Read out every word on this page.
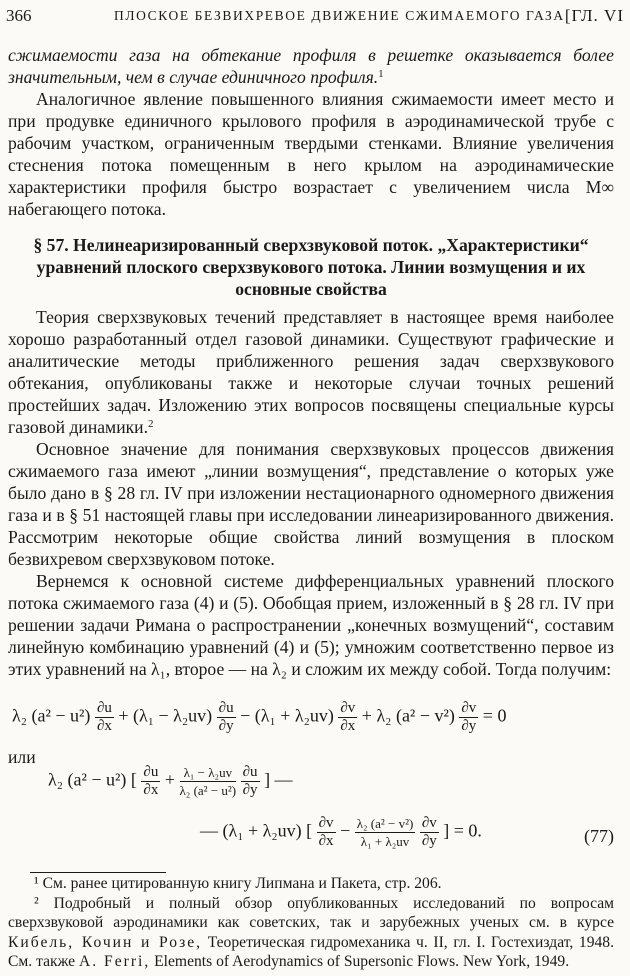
366	ПЛОСКОЕ БЕЗВИХРЕВОЕ ДВИЖЕНИЕ СЖИМАЕМОГО ГАЗА [ГЛ. VI

сжимаемости газа на обтекание профиля в решетке оказывается более значительным, чем в случае единичного профиля.$^1$

Аналогичное явление повышенного влияния сжимаемости имеет место и при продувке единичного крылового профиля в аэродинамической трубе с рабочим участком, ограниченным твердыми стенками. Влияние увеличения стеснения потока помещенным в него крылом на аэродинамические характеристики профиля быстро возрастает с увеличением числа M∞ набегающего потока.

§ 57. Нелинеаризированный сверхзвуковой поток. „Характеристики“ уравнений плоского сверхзвукового потока. Линии возмущения и их основные свойства

Теория сверхзвуковых течений представляет в настоящее время наиболее хорошо разработанный отдел газовой динамики. Существуют графические и аналитические методы приближенного решения задач сверхзвукового обтекания, опубликованы также и некоторые случаи точных решений простейших задач. Изложению этих вопросов посвящены специальные курсы газовой динамики.$^2$

Основное значение для понимания сверхзвуковых процессов движения сжимаемого газа имеют „линии возмущения“, представление о которых уже было дано в § 28 гл. IV при изложении нестационарного одномерного движения газа и в § 51 настоящей главы при исследовании линеаризированного движения. Рассмотрим некоторые общие свойства линий возмущения в плоском безвихревом сверхзвуковом потоке.

Вернемся к основной системе дифференциальных уравнений плоского потока сжимаемого газа (4) и (5). Обобщая прием, изложенный в § 28 гл. IV при решении задачи Римана о распространении „конечных возмущений“, составим линейную комбинацию уравнений (4) и (5); умножим соответственно первое из этих уравнений на λ₁, второе — на λ₂ и сложим их между собой. Тогда получим:

λ₂ $(a^2 - u^2) \frac{\partial u}{\partial x} + (\lambda_1 - \lambda_2uv) \frac{\partial u}{\partial y} - (\lambda_1 + \lambda_2uv) \frac{\partial v}{\partial x} + \lambda_2$ $(a^2 - v^2) \frac{\partial v}{\partial y} = 0$

или

λ₂ (a² − u²) [ $\frac{\partial u}{\partial x} + \frac{\text{λ₁ − λ₂uv}}{\text{λ₂ (a² − u²)}}$
$\frac{\partial u}{\partial y}$ ] —
— (λ₁ + λ₂uv) [ $\frac{\partial v}{\partial x} - \frac{\text{λ₂ (a² − v²)}}{\text{λ₁ + λ₂uv}}$
$\frac{\partial v}{\partial y}$ ] = 0.	(77)

¹ См. ранее цитированную книгу Липмана и Пакета, стр. 206.

² Подробный и полный обзор опубликованных исследований по вопросам сверхзвуковой аэродинамики как советских, так и зарубежных ученых см. в курсе Кибель, Кочин и Розе, Теоретическая гидромеханика ч. II, гл. I. Гостехиздат, 1948. См. также A. Ferri, Elements of Aerodynamics of Supersonic Flows. New York, 1949.
